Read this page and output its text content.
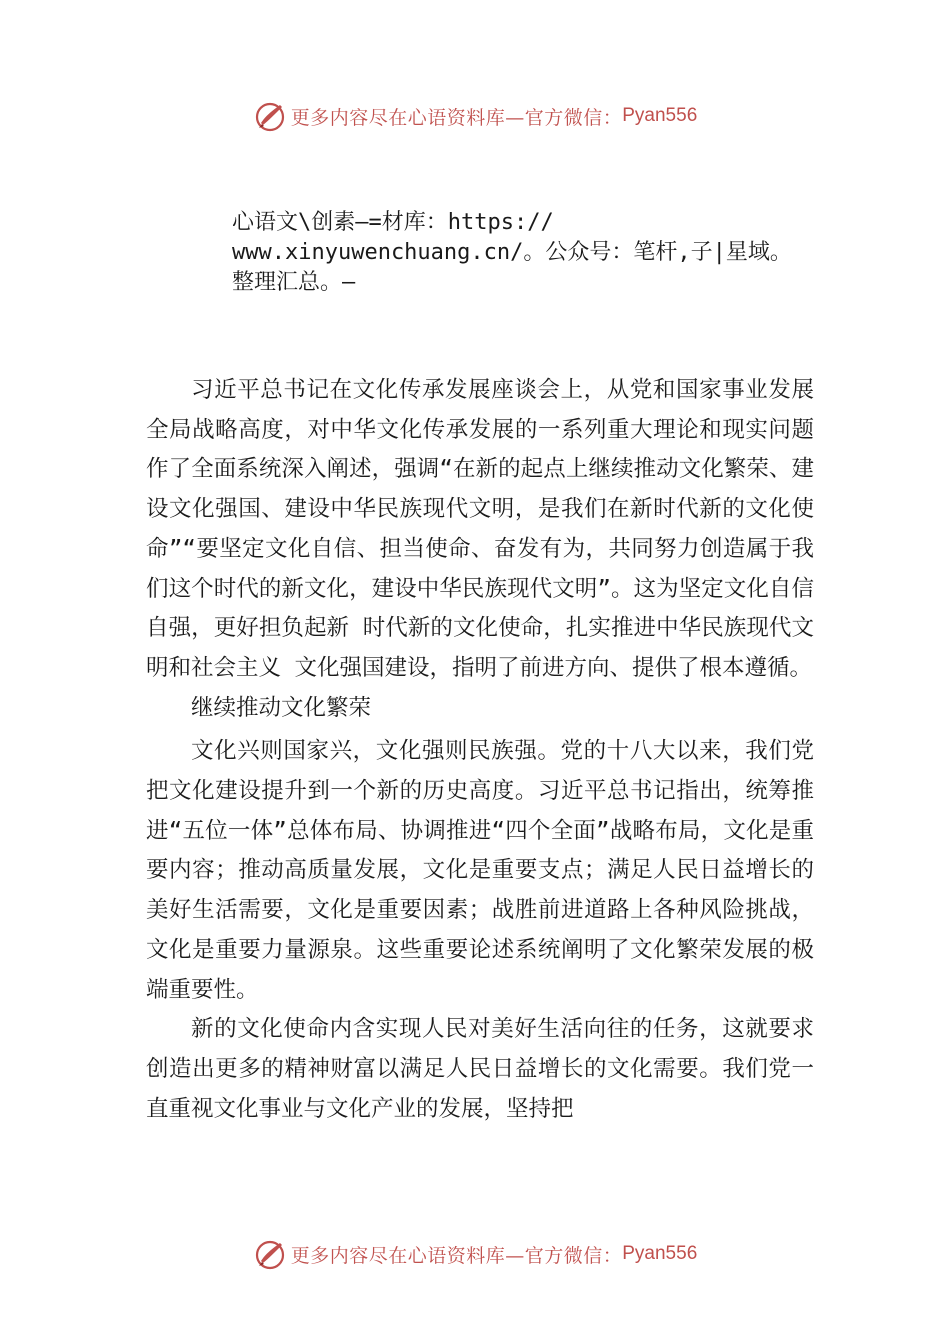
更多内容尽在心语资料库—官方微信： Pyan556
心语文\创素—=材库：https://
www.xinyuwenchuang.cn/。公众号：笔杆,子|星域。
整理汇总。—

习近平总书记在文化传承发展座谈会上，从党和国家事业发展全局战略高度，对中华文化传承发展的一系列重大理论和现实问题作了全面系统深入阐述，强调“在新的起点上继续推动文化繁荣、建设文化强国、建设中华民族现代文明，是我们在新时代新的文化使命”“要坚定文化自信、担当使命、奋发有为，共同努力创造属于我们这个时代的新文化，建设中华民族现代文明”。这为坚定文化自信自强，更好担负起新 时代新的文化使命，扎实推进中华民族现代文明和社会主义 文化强国建设，指明了前进方向、提供了根本遵循。

继续推动文化繁荣

文化兴则国家兴，文化强则民族强。党的十八大以来，我们党把文化建设提升到一个新的历史高度。习近平总书记指出，统筹推进“五位一体”总体布局、协调推进“四个全面”战略布局，文化是重要内容；推动高质量发展，文化是重要支点；满足人民日益增长的美好生活需要，文化是重要因素；战胜前进道路上各种风险挑战，文化是重要力量源泉。这些重要论述系统阐明了文化繁荣发展的极端重要性。

新的文化使命内含实现人民对美好生活向往的任务，这就要求创造出更多的精神财富以满足人民日益增长的文化需要。我们党一直重视文化事业与文化产业的发展，坚持把

更多内容尽在心语资料库—官方微信： Pyan556
